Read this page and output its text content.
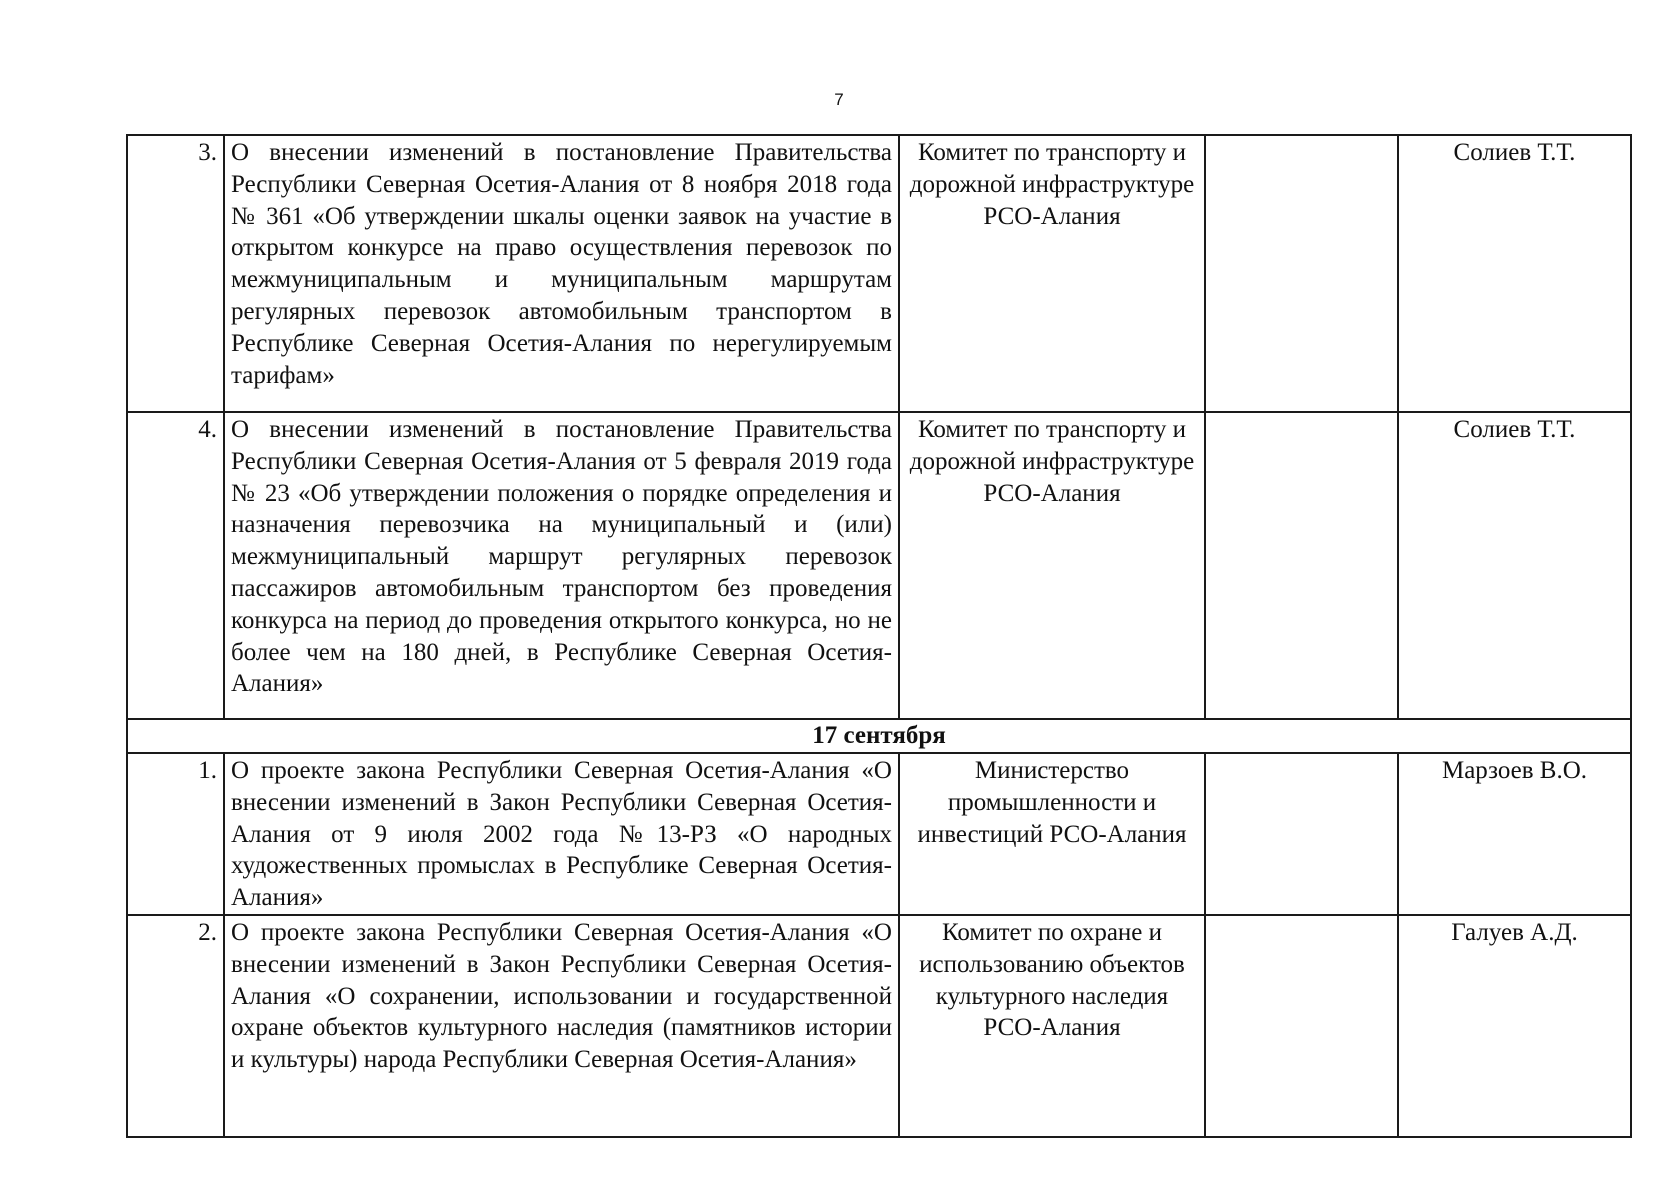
7
3.	О внесении изменений в постановление Правительства Республики Северная Осетия-Алания от 8 ноября 2018 года № 361 «Об утверждении шкалы оценки заявок на участие в открытом конкурсе на право осуществления перевозок по межмуниципальным и муниципальным маршрутам регулярных перевозок автомобильным транспортом в Республике Северная Осетия-Алания по нерегулируемым тарифам»	Комитет по транспорту и дорожной инфраструктуре РСО-Алания		Солиев Т.Т.
4.	О внесении изменений в постановление Правительства Республики Северная Осетия-Алания от 5 февраля 2019 года № 23 «Об утверждении положения о порядке определения и назначения перевозчика на муниципальный и (или) межмуниципальный маршрут регулярных перевозок пассажиров автомобильным транспортом без проведения конкурса на период до проведения открытого конкурса, но не более чем на 180 дней, в Республике Северная Осетия-Алания»	Комитет по транспорту и дорожной инфраструктуре РСО-Алания		Солиев Т.Т.
17 сентября				
1.	О проекте закона Республики Северная Осетия-Алания «О внесении изменений в Закон Республики Северная Осетия-Алания от 9 июля 2002 года №13-РЗ «О народных художественных промыслах в Республике Северная Осетия-Алания»	Министерство промышленности и инвестиций РСО-Алания		Марзоев В.О.
2.	О проекте закона Республики Северная Осетия-Алания «О внесении изменений в Закон Республики Северная Осетия-Алания «О сохранении, использовании и государственной охране объектов культурного наследия (памятников истории и культуры) народа Республики Северная Осетия-Алания»	Комитет по охране и использованию объектов культурного наследия РСО-Алания		Галуев А.Д.
